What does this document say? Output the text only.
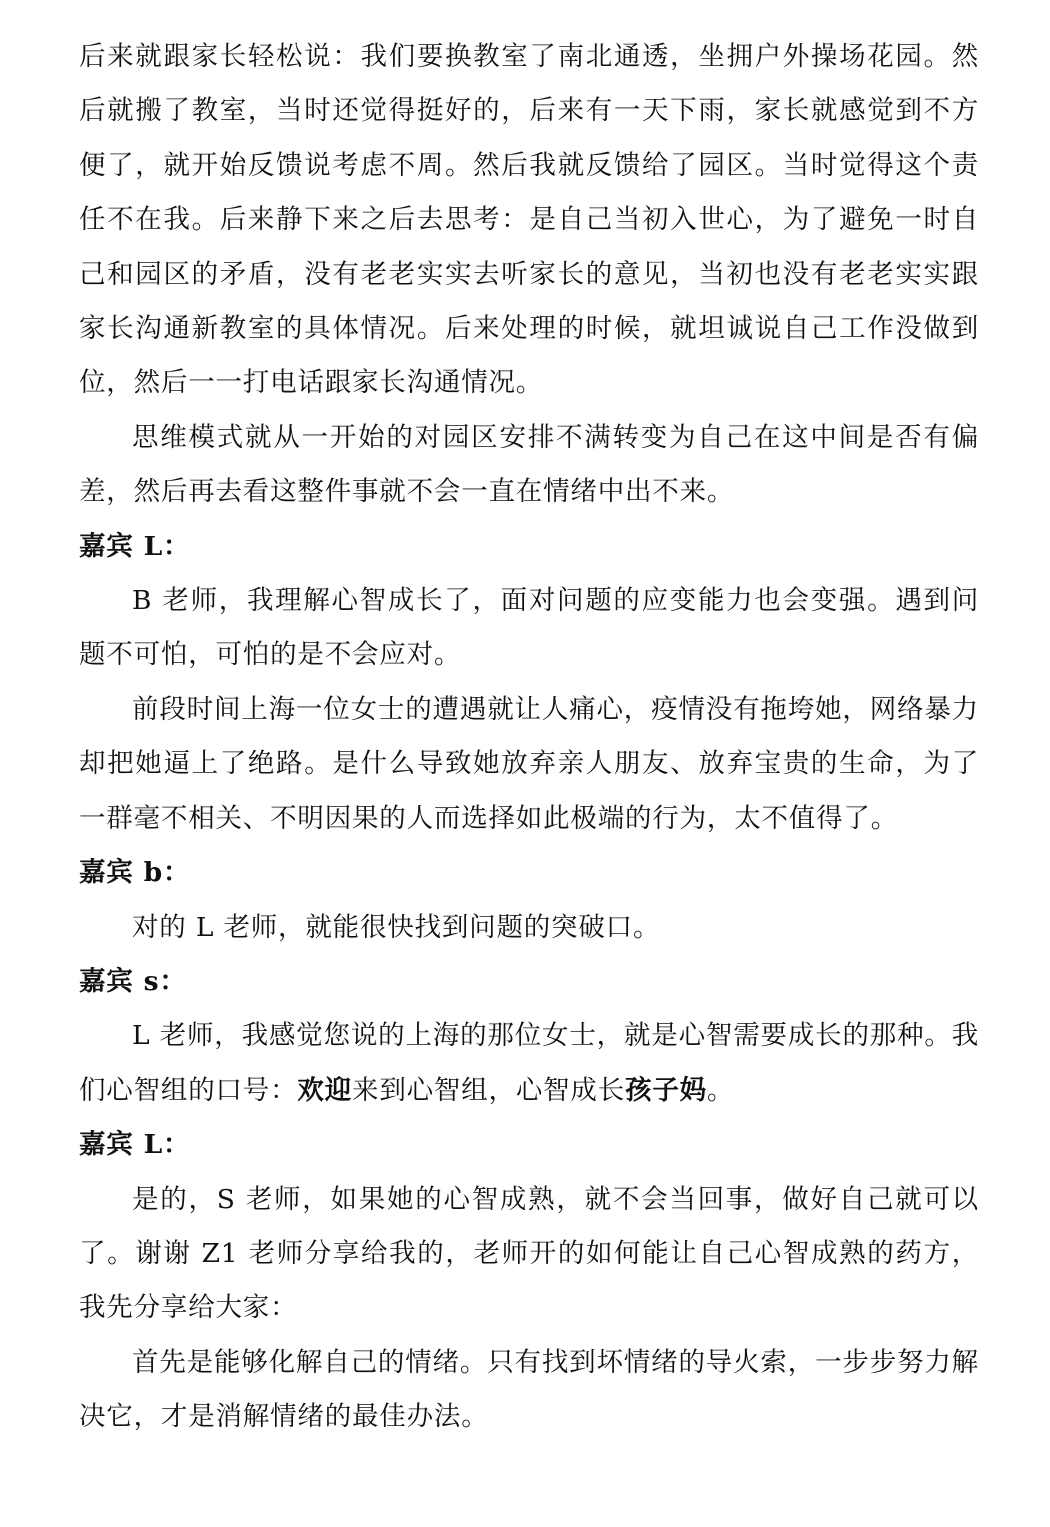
后来就跟家长轻松说：我们要换教室了南北通透，坐拥户外操场花园。然后就搬了教室，当时还觉得挺好的，后来有一天下雨，家长就感觉到不方便了，就开始反馈说考虑不周。然后我就反馈给了园区。当时觉得这个责任不在我。后来静下来之后去思考：是自己当初入世心，为了避免一时自己和园区的矛盾，没有老老实实去听家长的意见，当初也没有老老实实跟家长沟通新教室的具体情况。后来处理的时候，就坦诚说自己工作没做到位，然后一一打电话跟家长沟通情况。

思维模式就从一开始的对园区安排不满转变为自己在这中间是否有偏差，然后再去看这整件事就不会一直在情绪中出不来。

嘉宾 L：

B 老师，我理解心智成长了，面对问题的应变能力也会变强。遇到问题不可怕，可怕的是不会应对。

前段时间上海一位女士的遭遇就让人痛心，疫情没有拖垮她，网络暴力却把她逼上了绝路。是什么导致她放弃亲人朋友、放弃宝贵的生命，为了一群毫不相关、不明因果的人而选择如此极端的行为，太不值得了。

嘉宾 b：

对的 L 老师，就能很快找到问题的突破口。

嘉宾 s：

L 老师，我感觉您说的上海的那位女士，就是心智需要成长的那种。我们心智组的口号：欢迎来到心智组，心智成长孩子妈。

嘉宾 L：

是的，S 老师，如果她的心智成熟，就不会当回事，做好自己就可以了。谢谢 Z1 老师分享给我的，老师开的如何能让自己心智成熟的药方，我先分享给大家：

首先是能够化解自己的情绪。只有找到坏情绪的导火索，一步步努力解决它，才是消解情绪的最佳办法。
